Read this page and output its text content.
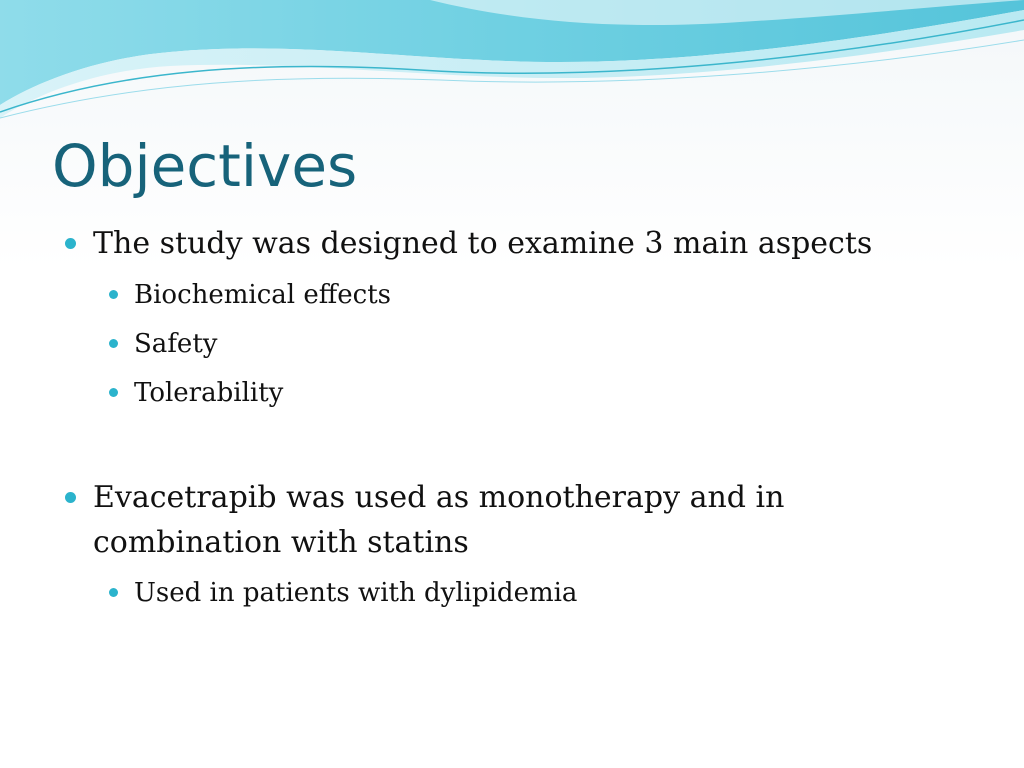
Objectives
The study was designed to examine 3 main aspects
Biochemical effects
Safety
Tolerability
Evacetrapib was used as monotherapy and in
combination with statins
Used in patients with dylipidemia
